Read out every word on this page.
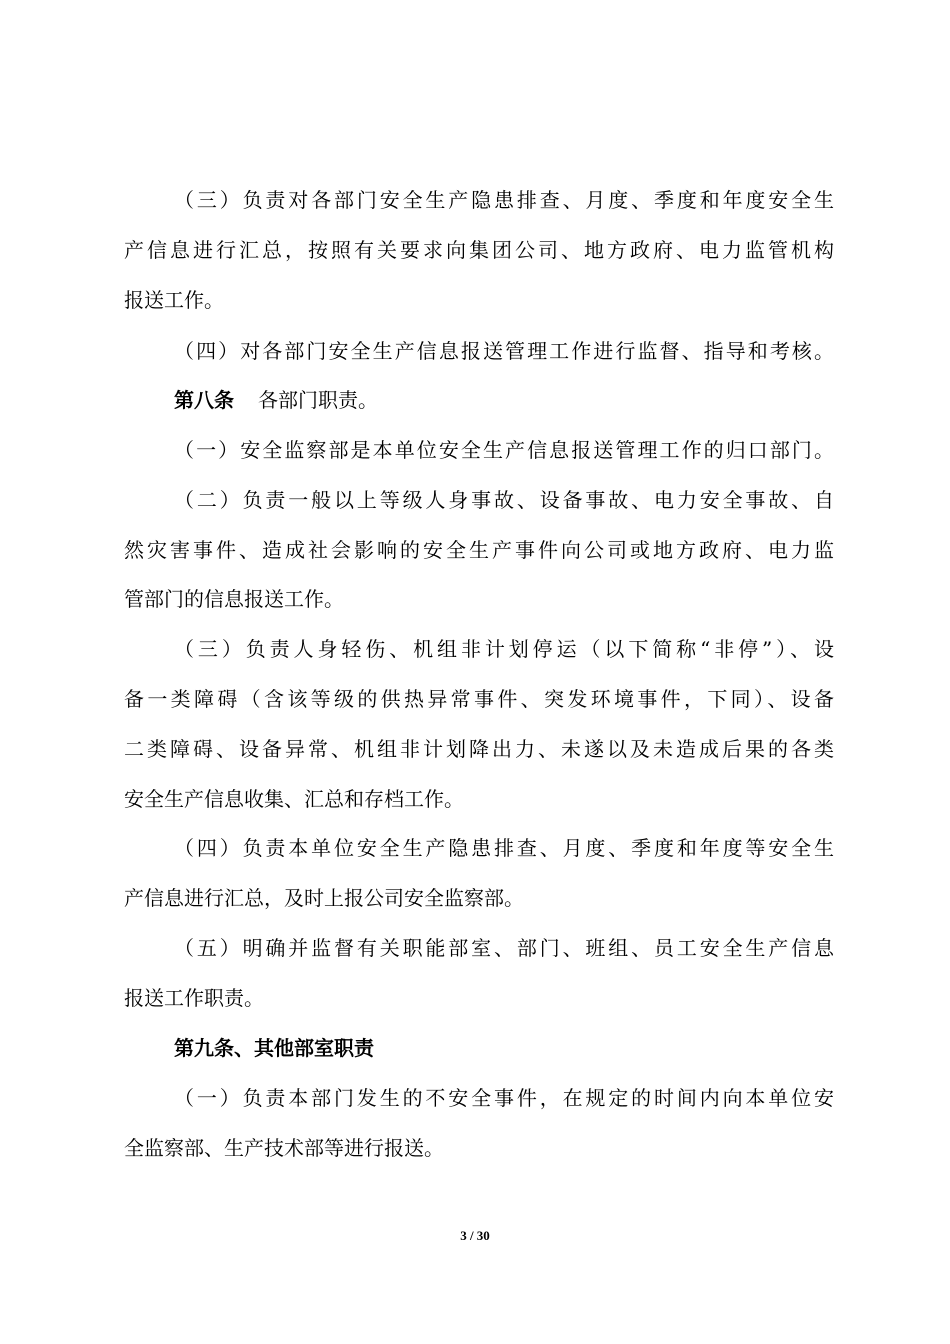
（三）负责对各部门安全生产隐患排查、月度、季度和年度安全生
产信息进行汇总，按照有关要求向集团公司、地方政府、电力监管机构
报送工作。
（四）对各部门安全生产信息报送管理工作进行监督、指导和考核。
第八条 各部门职责。
（一）安全监察部是本单位安全生产信息报送管理工作的归口部门。
（二）负责一般以上等级人身事故、设备事故、电力安全事故、自
然灾害事件、造成社会影响的安全生产事件向公司或地方政府、电力监
管部门的信息报送工作。
（三）负责人身轻伤、机组非计划停运（以下简称“非停”）、设
备一类障碍（含该等级的供热异常事件、突发环境事件，下同）、设备
二类障碍、设备异常、机组非计划降出力、未遂以及未造成后果的各类
安全生产信息收集、汇总和存档工作。
（四）负责本单位安全生产隐患排查、月度、季度和年度等安全生
产信息进行汇总，及时上报公司安全监察部。
（五）明确并监督有关职能部室、部门、班组、员工安全生产信息
报送工作职责。
第九条、其他部室职责
（一）负责本部门发生的不安全事件，在规定的时间内向本单位安
全监察部、生产技术部等进行报送。
3 / 30
